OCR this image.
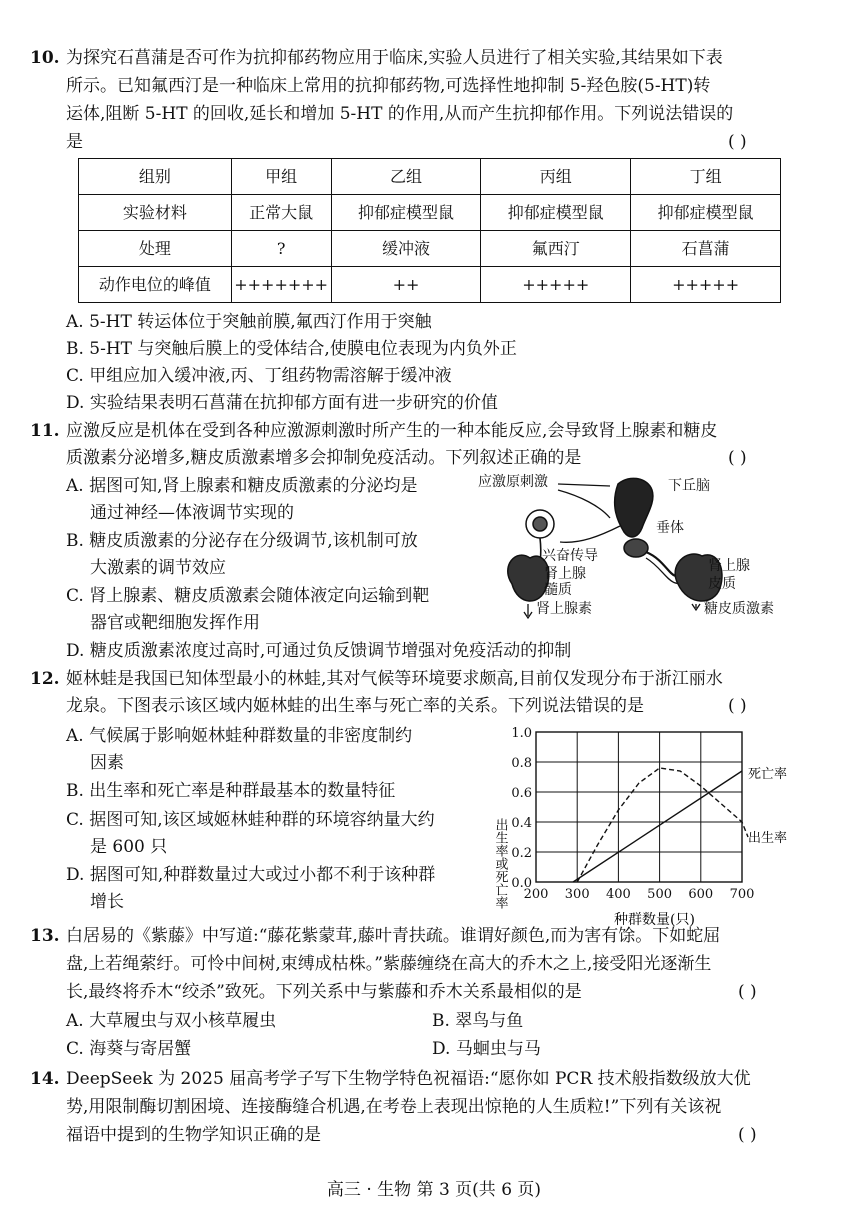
10. 为探究石菖蒲是否可作为抗抑郁药物应用于临床,实验人员进行了相关实验,其结果如下表
所示。已知氟西汀是一种临床上常用的抗抑郁药物,可选择性地抑制 5-羟色胺(5-HT)转
运体,阻断 5-HT 的回收,延长和增加 5-HT 的作用,从而产生抗抑郁作用。下列说法错误的
是	( )
组别	甲组	乙组	丙组	丁组
实验材料	正常大鼠	抑郁症模型鼠	抑郁症模型鼠	抑郁症模型鼠
处理	?	缓冲液	氟西汀	石菖蒲
动作电位的峰值	+++++++	++	+++++	+++++
A. 5-HT 转运体位于突触前膜,氟西汀作用于突触
B. 5-HT 与突触后膜上的受体结合,使膜电位表现为内负外正
C. 甲组应加入缓冲液,丙、丁组药物需溶解于缓冲液
D. 实验结果表明石菖蒲在抗抑郁方面有进一步研究的价值
11. 应激反应是机体在受到各种应激源刺激时所产生的一种本能反应,会导致肾上腺素和糖皮
质激素分泌增多,糖皮质激素增多会抑制免疫活动。下列叙述正确的是	( )
A. 据图可知,肾上腺素和糖皮质激素的分泌均是
通过神经—体液调节实现的
B. 糖皮质激素的分泌存在分级调节,该机制可放
大激素的调节效应
C. 肾上腺素、糖皮质激素会随体液定向运输到靶
器官或靶细胞发挥作用
D. 糖皮质激素浓度过高时,可通过负反馈调节增强对免疫活动的抑制
应激原刺激	下丘脑
垂体
兴奋传导
肾上腺
髓质
肾上腺
皮质
肾上腺素	糖皮质激素
12. 姬林蛙是我国已知体型最小的林蛙,其对气候等环境要求颇高,目前仅发现分布于浙江丽水
龙泉。下图表示该区域内姬林蛙的出生率与死亡率的关系。下列说法错误的是	( )
A. 气候属于影响姬林蛙种群数量的非密度制约
因素
B. 出生率和死亡率是种群最基本的数量特征
C. 据图可知,该区域姬林蛙种群的环境容纳量大约
是 600 只
D. 据图可知,种群数量过大或过小都不利于该种群
增长
0.0
0.2
0.4
0.6
0.8
1.0
200 300 400 500 600 700
出生率或死亡率
种群数量(只)
死亡率
出生率
13. 白居易的《紫藤》中写道:“藤花紫蒙茸,藤叶青扶疏。谁谓好颜色,而为害有馀。下如蛇屈
盘,上若绳萦纡。可怜中间树,束缚成枯株。”紫藤缠绕在高大的乔木之上,接受阳光逐渐生
长,最终将乔木“绞杀”致死。下列关系中与紫藤和乔木关系最相似的是	( )
A. 大草履虫与双小核草履虫	B. 翠鸟与鱼
C. 海葵与寄居蟹	D. 马蛔虫与马
14. DeepSeek 为 2025 届高考学子写下生物学特色祝福语:“愿你如 PCR 技术般指数级放大优
势,用限制酶切割困境、连接酶缝合机遇,在考卷上表现出惊艳的人生质粒!”下列有关该祝
福语中提到的生物学知识正确的是	( )
高三 · 生物 第 3 页(共 6 页)
